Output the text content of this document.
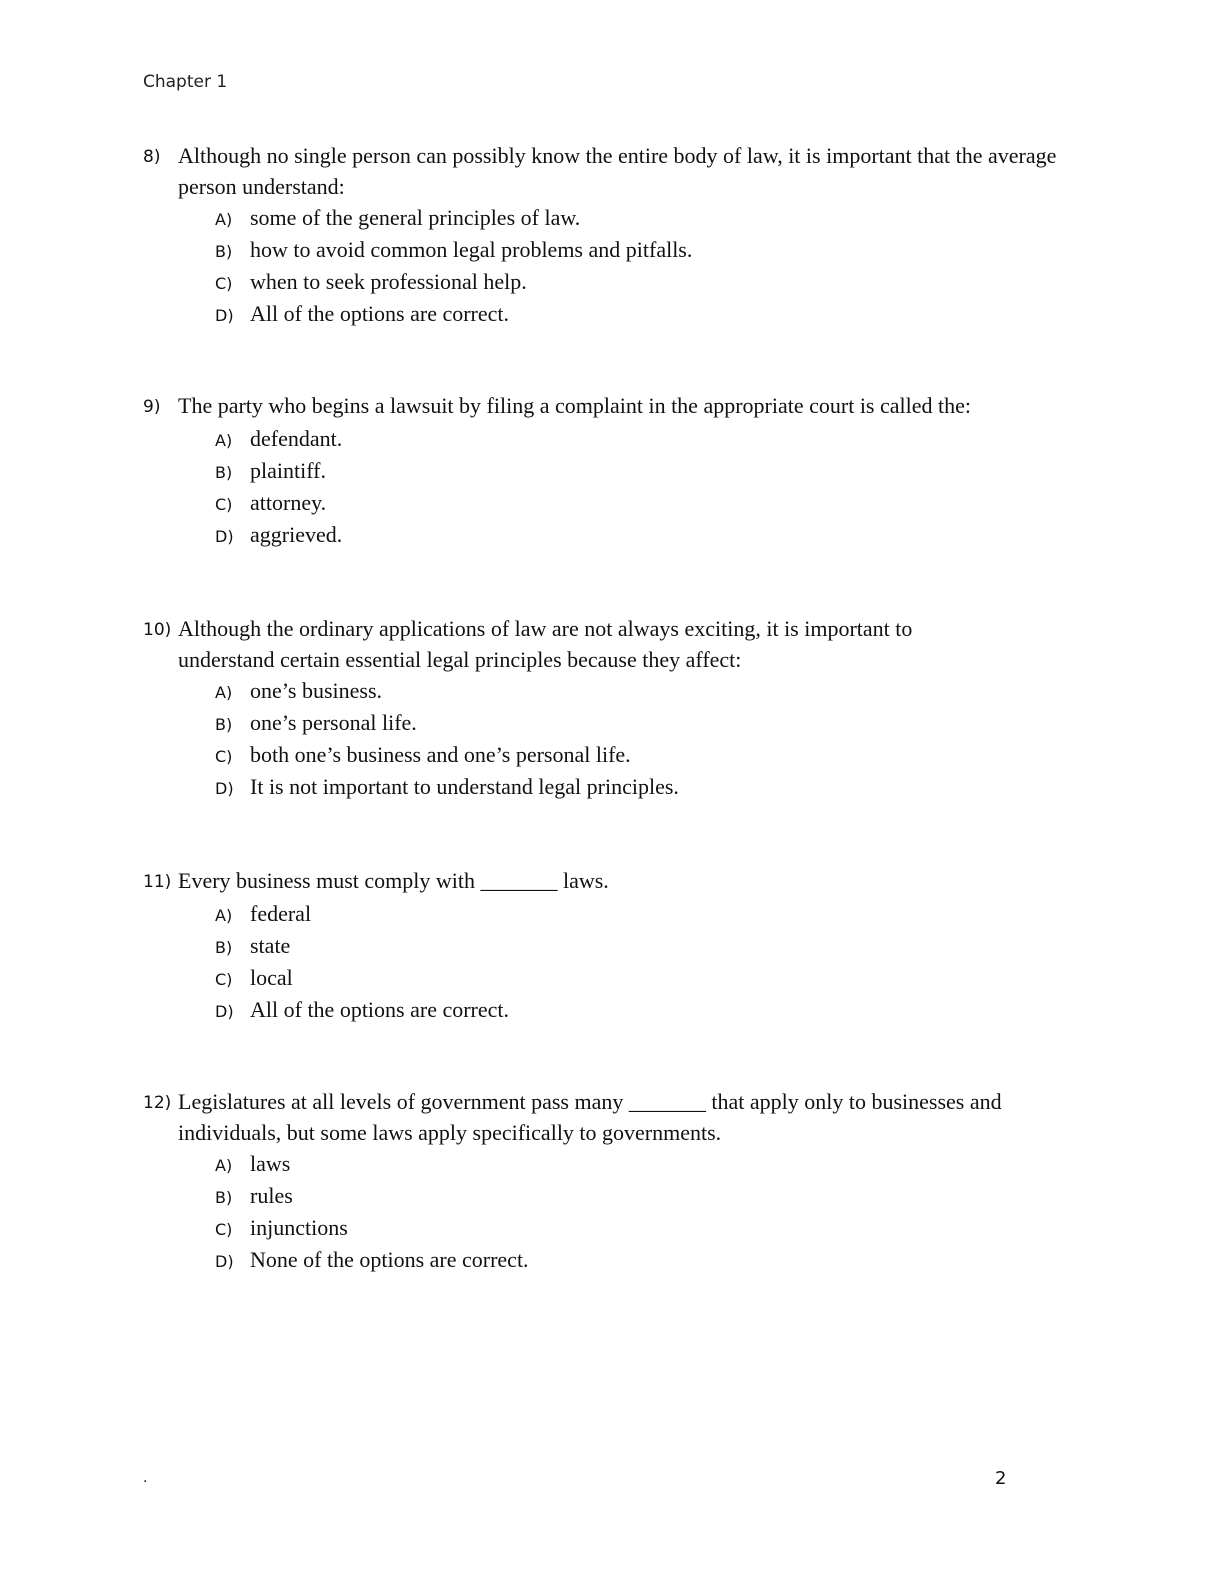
Chapter 1
8) Although no single person can possibly know the entire body of law, it is important that the average person understand:
A) some of the general principles of law.
B) how to avoid common legal problems and pitfalls.
C) when to seek professional help.
D) All of the options are correct.
9) The party who begins a lawsuit by filing a complaint in the appropriate court is called the:
A) defendant.
B) plaintiff.
C) attorney.
D) aggrieved.
10) Although the ordinary applications of law are not always exciting, it is important to understand certain essential legal principles because they affect:
A) one’s business.
B) one’s personal life.
C) both one’s business and one’s personal life.
D) It is not important to understand legal principles.
11) Every business must comply with _______ laws.
A) federal
B) state
C) local
D) All of the options are correct.
12) Legislatures at all levels of government pass many _______ that apply only to businesses and individuals, but some laws apply specifically to governments.
A) laws
B) rules
C) injunctions
D) None of the options are correct.
.	2
